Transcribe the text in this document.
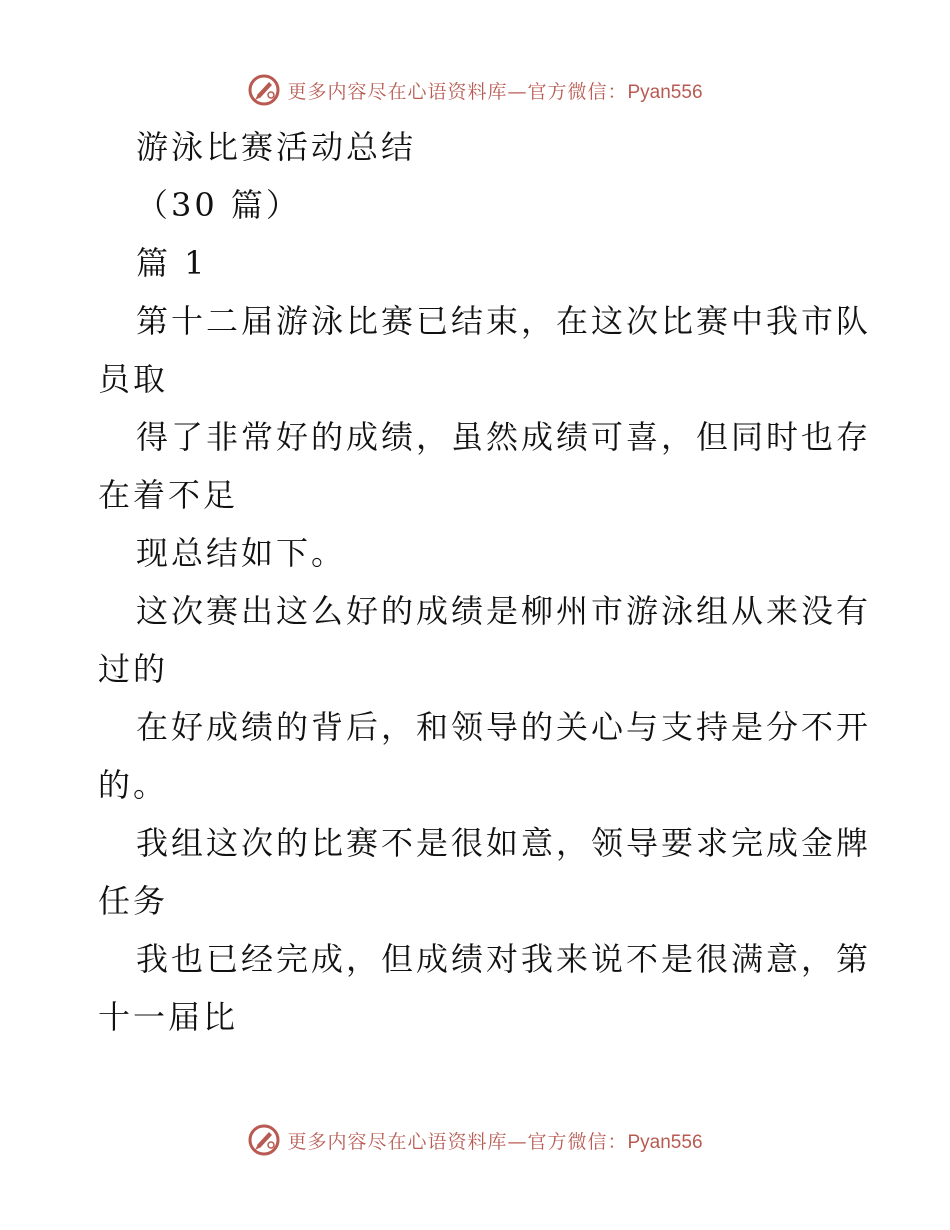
更多内容尽在心语资料库—官方微信：Pyan556
游泳比赛活动总结
（30 篇）
篇 1
第十二届游泳比赛已结束，在这次比赛中我市队
员取
得了非常好的成绩，虽然成绩可喜，但同时也存
在着不足
现总结如下。
这次赛出这么好的成绩是柳州市游泳组从来没有
过的
在好成绩的背后，和领导的关心与支持是分不开
的。
我组这次的比赛不是很如意，领导要求完成金牌
任务
我也已经完成，但成绩对我来说不是很满意，第
十一届比
更多内容尽在心语资料库—官方微信：Pyan556
